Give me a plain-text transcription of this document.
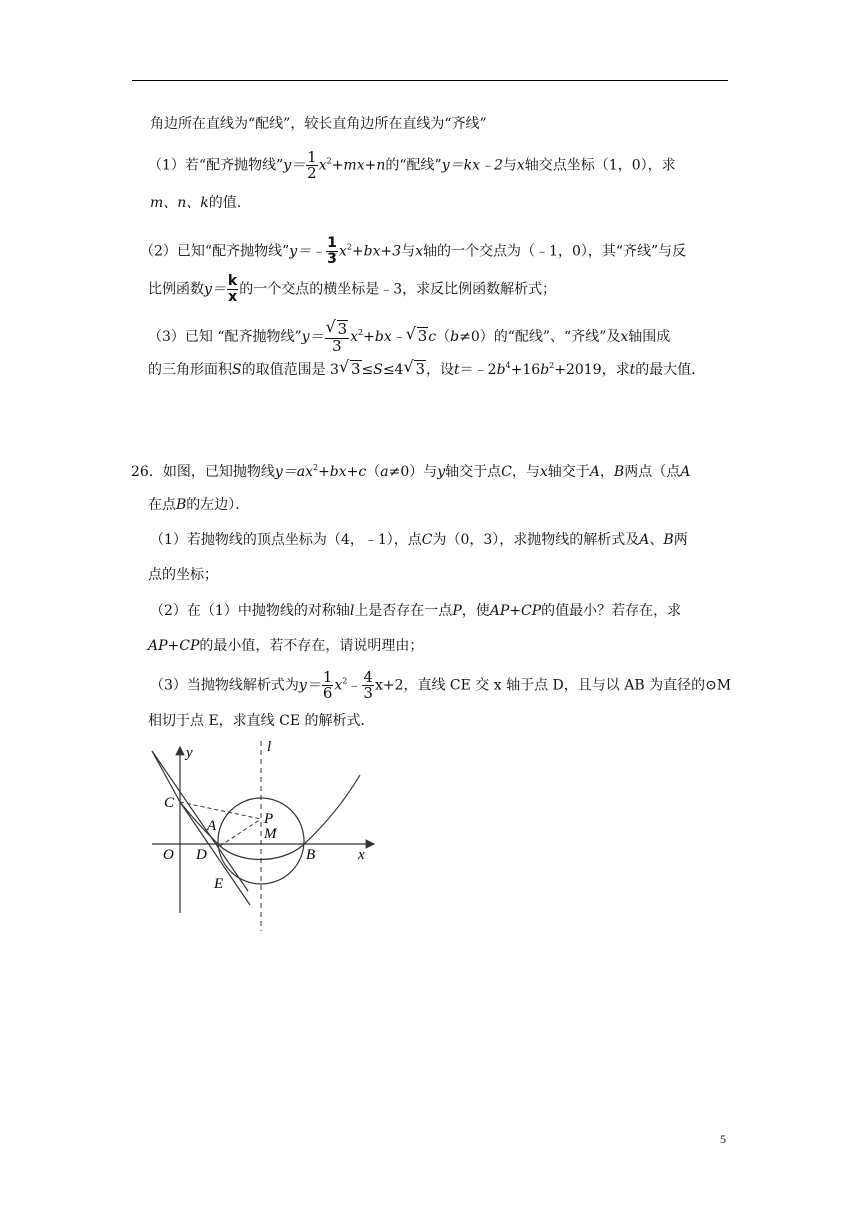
角边所在直线为“配线”，较长直角边所在直线为“齐线”
（1）若“配齐抛物线”y＝ $\frac{1}{2} x^2+mx+n$的“配线”y＝kx﹣2与x轴交点坐标（1，0），求
m、n、k的值．
（2）已知“配齐抛物线”y＝﹣ $\frac{1}{3} x^2+bx+3$与x轴的一个交点为（﹣1，0），其“齐线”与反
比例函数$y= \frac{k}{x}$ 的一个交点的横坐标是﹣3，求反比例函数解析式；
（3）已知 “配齐抛物线”y＝
√ $\frac{3}{3}$ $x^2+bx﹣√$ 3c（b≠0）的“配线”、“齐线”及x轴围成
的三角形面积S的取值范围是 3√ 3≤S≤4√ 3，设$t=﹣2b^4+16b^2+2019$，求t的最大值．
26．如图，已知抛物线$y=ax^2+bx+c(a\ne 0)$与y轴交于点C，与x轴交于A，B两点（点A
在点B的左边）．
（1）若抛物线的顶点坐标为（4，﹣1），点C为（0，3），求抛物线的解析式及A、B两
点的坐标；
（2）在（1）中抛物线的对称轴l上是否存在一点P，使AP+CP的值最小？若存在，求
AP+CP的最小值，若不存在，请说明理由；
（3）当抛物线解析式为$y= \frac{1}{6}$ $x^2﹣ \frac{4}{3} x+2$，直线 CE 交 x 轴于点 D，且与以 AB 为直径的⊙M
相切于点 E，求直线 CE 的解析式．
y	l
C
P
A	M
O D	B	x
E
5
